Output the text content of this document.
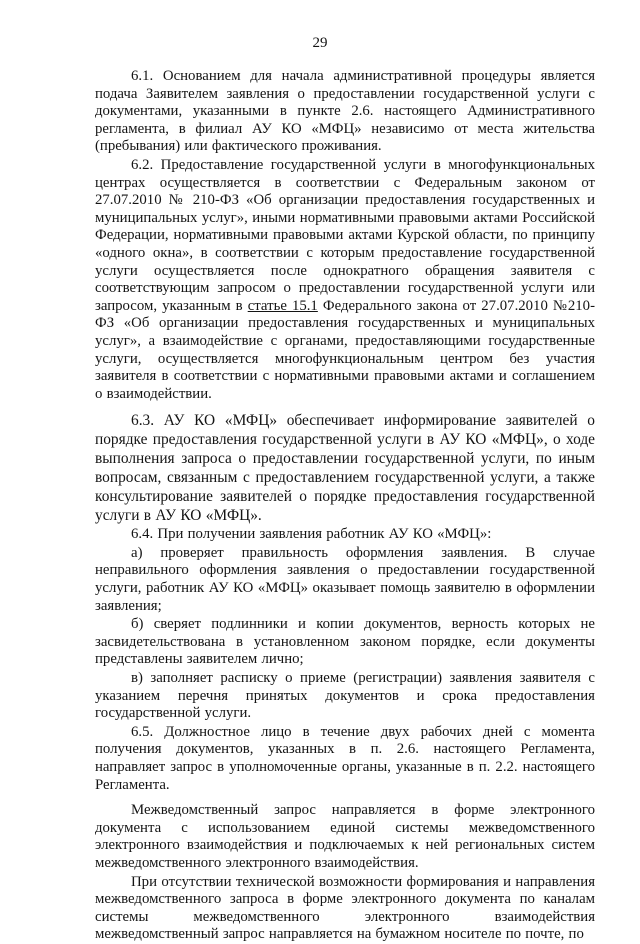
29

6.1. Основанием для начала административной процедуры является подача Заявителем заявления о предоставлении государственной услуги с документами, указанными в пункте 2.6. настоящего Административного регламента, в филиал АУ КО «МФЦ» независимо от места жительства (пребывания) или фактического проживания.

6.2. Предоставление государственной услуги в многофункциональных центрах осуществляется в соответствии с Федеральным законом от 27.07.2010 № 210-ФЗ «Об организации предоставления государственных и муниципальных услуг», иными нормативными правовыми актами Российской Федерации, нормативными правовыми актами Курской области, по принципу «одного окна», в соответствии с которым предоставление государственной услуги осуществляется после однократного обращения заявителя с соответствующим запросом о предоставлении государственной услуги или запросом, указанным в статье 15.1 Федерального закона от 27.07.2010 №210-ФЗ «Об организации предоставления государственных и муниципальных услуг», а взаимодействие с органами, предоставляющими государственные услуги, осуществляется многофункциональным центром без участия заявителя в соответствии с нормативными правовыми актами и соглашением о взаимодействии.

6.3. АУ КО «МФЦ» обеспечивает информирование заявителей о порядке предоставления государственной услуги в АУ КО «МФЦ», о ходе выполнения запроса о предоставлении государственной услуги, по иным вопросам, связанным с предоставлением государственной услуги, а также консультирование заявителей о порядке предоставления государственной услуги в АУ КО «МФЦ».

6.4. При получении заявления работник АУ КО «МФЦ»:

а) проверяет правильность оформления заявления. В случае неправильного оформления заявления о предоставлении государственной услуги, работник АУ КО «МФЦ» оказывает помощь заявителю в оформлении заявления;

б) сверяет подлинники и копии документов, верность которых не засвидетельствована в установленном законом порядке, если документы представлены заявителем лично;

в) заполняет расписку о приеме (регистрации) заявления заявителя с указанием перечня принятых документов и срока предоставления государственной услуги.

6.5. Должностное лицо в течение двух рабочих дней с момента получения документов, указанных в п. 2.6. настоящего Регламента, направляет запрос в уполномоченные органы, указанные в п. 2.2. настоящего Регламента.

Межведомственный запрос направляется в форме электронного документа с использованием единой системы межведомственного электронного взаимодействия и подключаемых к ней региональных систем межведомственного электронного взаимодействия.

При отсутствии технической возможности формирования и направления межведомственного запроса в форме электронного документа по каналам системы межведомственного электронного взаимодействия межведомственный запрос направляется на бумажном носителе по почте, по
